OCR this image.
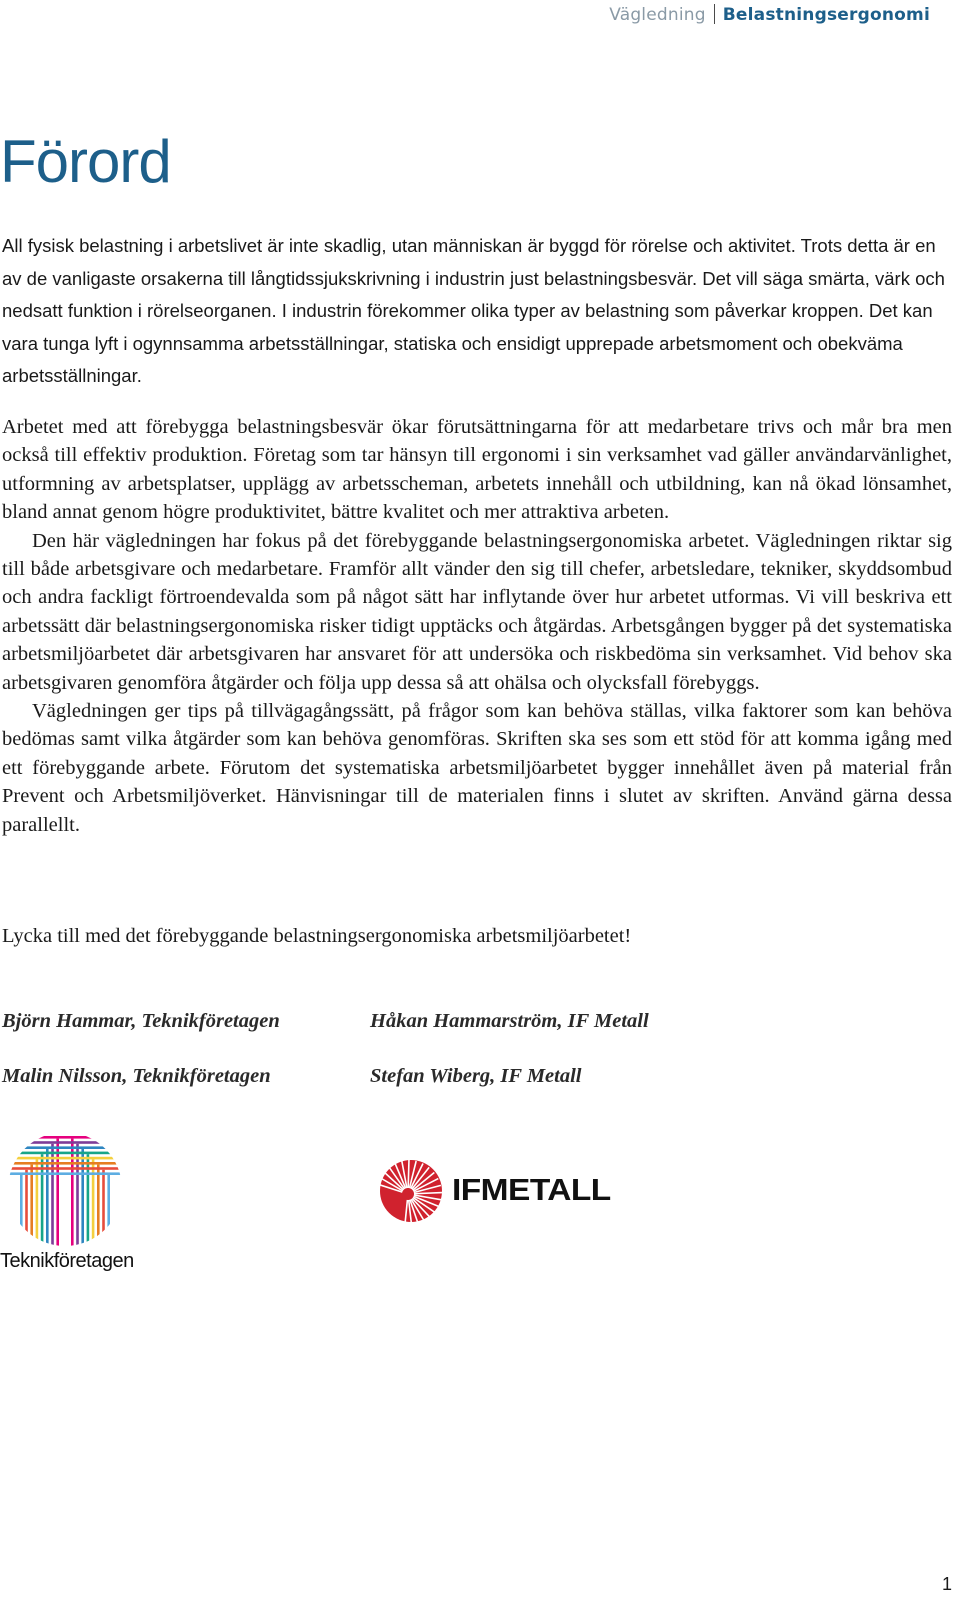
Vägledning Belastningsergonomi
Förord

All fysisk belastning i arbetslivet är inte skadlig, utan människan är byggd för rörelse och aktivitet. Trots detta är en av de vanligaste orsakerna till långtidssjukskrivning i industrin just belastningsbesvär. Det vill säga smärta, värk och nedsatt funktion i rörelseorganen. I industrin förekommer olika typer av belastning som påverkar kroppen. Det kan vara tunga lyft i ogynnsamma arbetsställningar, statiska och ensidigt upprepade arbetsmoment och obekväma arbetsställningar.

Arbetet med att förebygga belastningsbesvär ökar förutsättningarna för att medarbetare trivs och mår bra men också till effektiv produktion. Företag som tar hänsyn till ergonomi i sin verksamhet vad gäller användarvänlighet, utformning av arbetsplatser, upplägg av arbetsscheman, arbetets innehåll och utbildning, kan nå ökad lönsamhet, bland annat genom högre produktivitet, bättre kvalitet och mer attraktiva arbeten.

Den här vägledningen har fokus på det förebyggande belastningsergonomiska arbetet. Vägledningen riktar sig till både arbetsgivare och medarbetare. Framför allt vänder den sig till chefer, arbetsledare, tekniker, skyddsombud och andra fackligt förtroendevalda som på något sätt har inflytande över hur arbetet utformas. Vi vill beskriva ett arbetssätt där belastningsergonomiska risker tidigt upptäcks och åtgärdas. Arbetsgången bygger på det systematiska arbetsmiljöarbetet där arbetsgivaren har ansvaret för att undersöka och riskbedöma sin verksamhet. Vid behov ska arbetsgivaren genomföra åtgärder och följa upp dessa så att ohälsa och olycksfall förebyggs.

Vägledningen ger tips på tillvägagångssätt, på frågor som kan behöva ställas, vilka faktorer som kan behöva bedömas samt vilka åtgärder som kan behöva genomföras. Skriften ska ses som ett stöd för att komma igång med ett förebyggande arbete. Förutom det systematiska arbetsmiljöarbetet bygger innehållet även på material från Prevent och Arbetsmiljöverket. Hänvisningar till de materialen finns i slutet av skriften. Använd gärna dessa parallellt.

Lycka till med det förebyggande belastningsergonomiska arbetsmiljöarbetet!

Björn Hammar, Teknikföretagen	Håkan Hammarström, IF Metall
Malin Nilsson, Teknikföretagen	Stefan Wiberg, IF Metall
Teknikföretagen
IFMETALL
1
